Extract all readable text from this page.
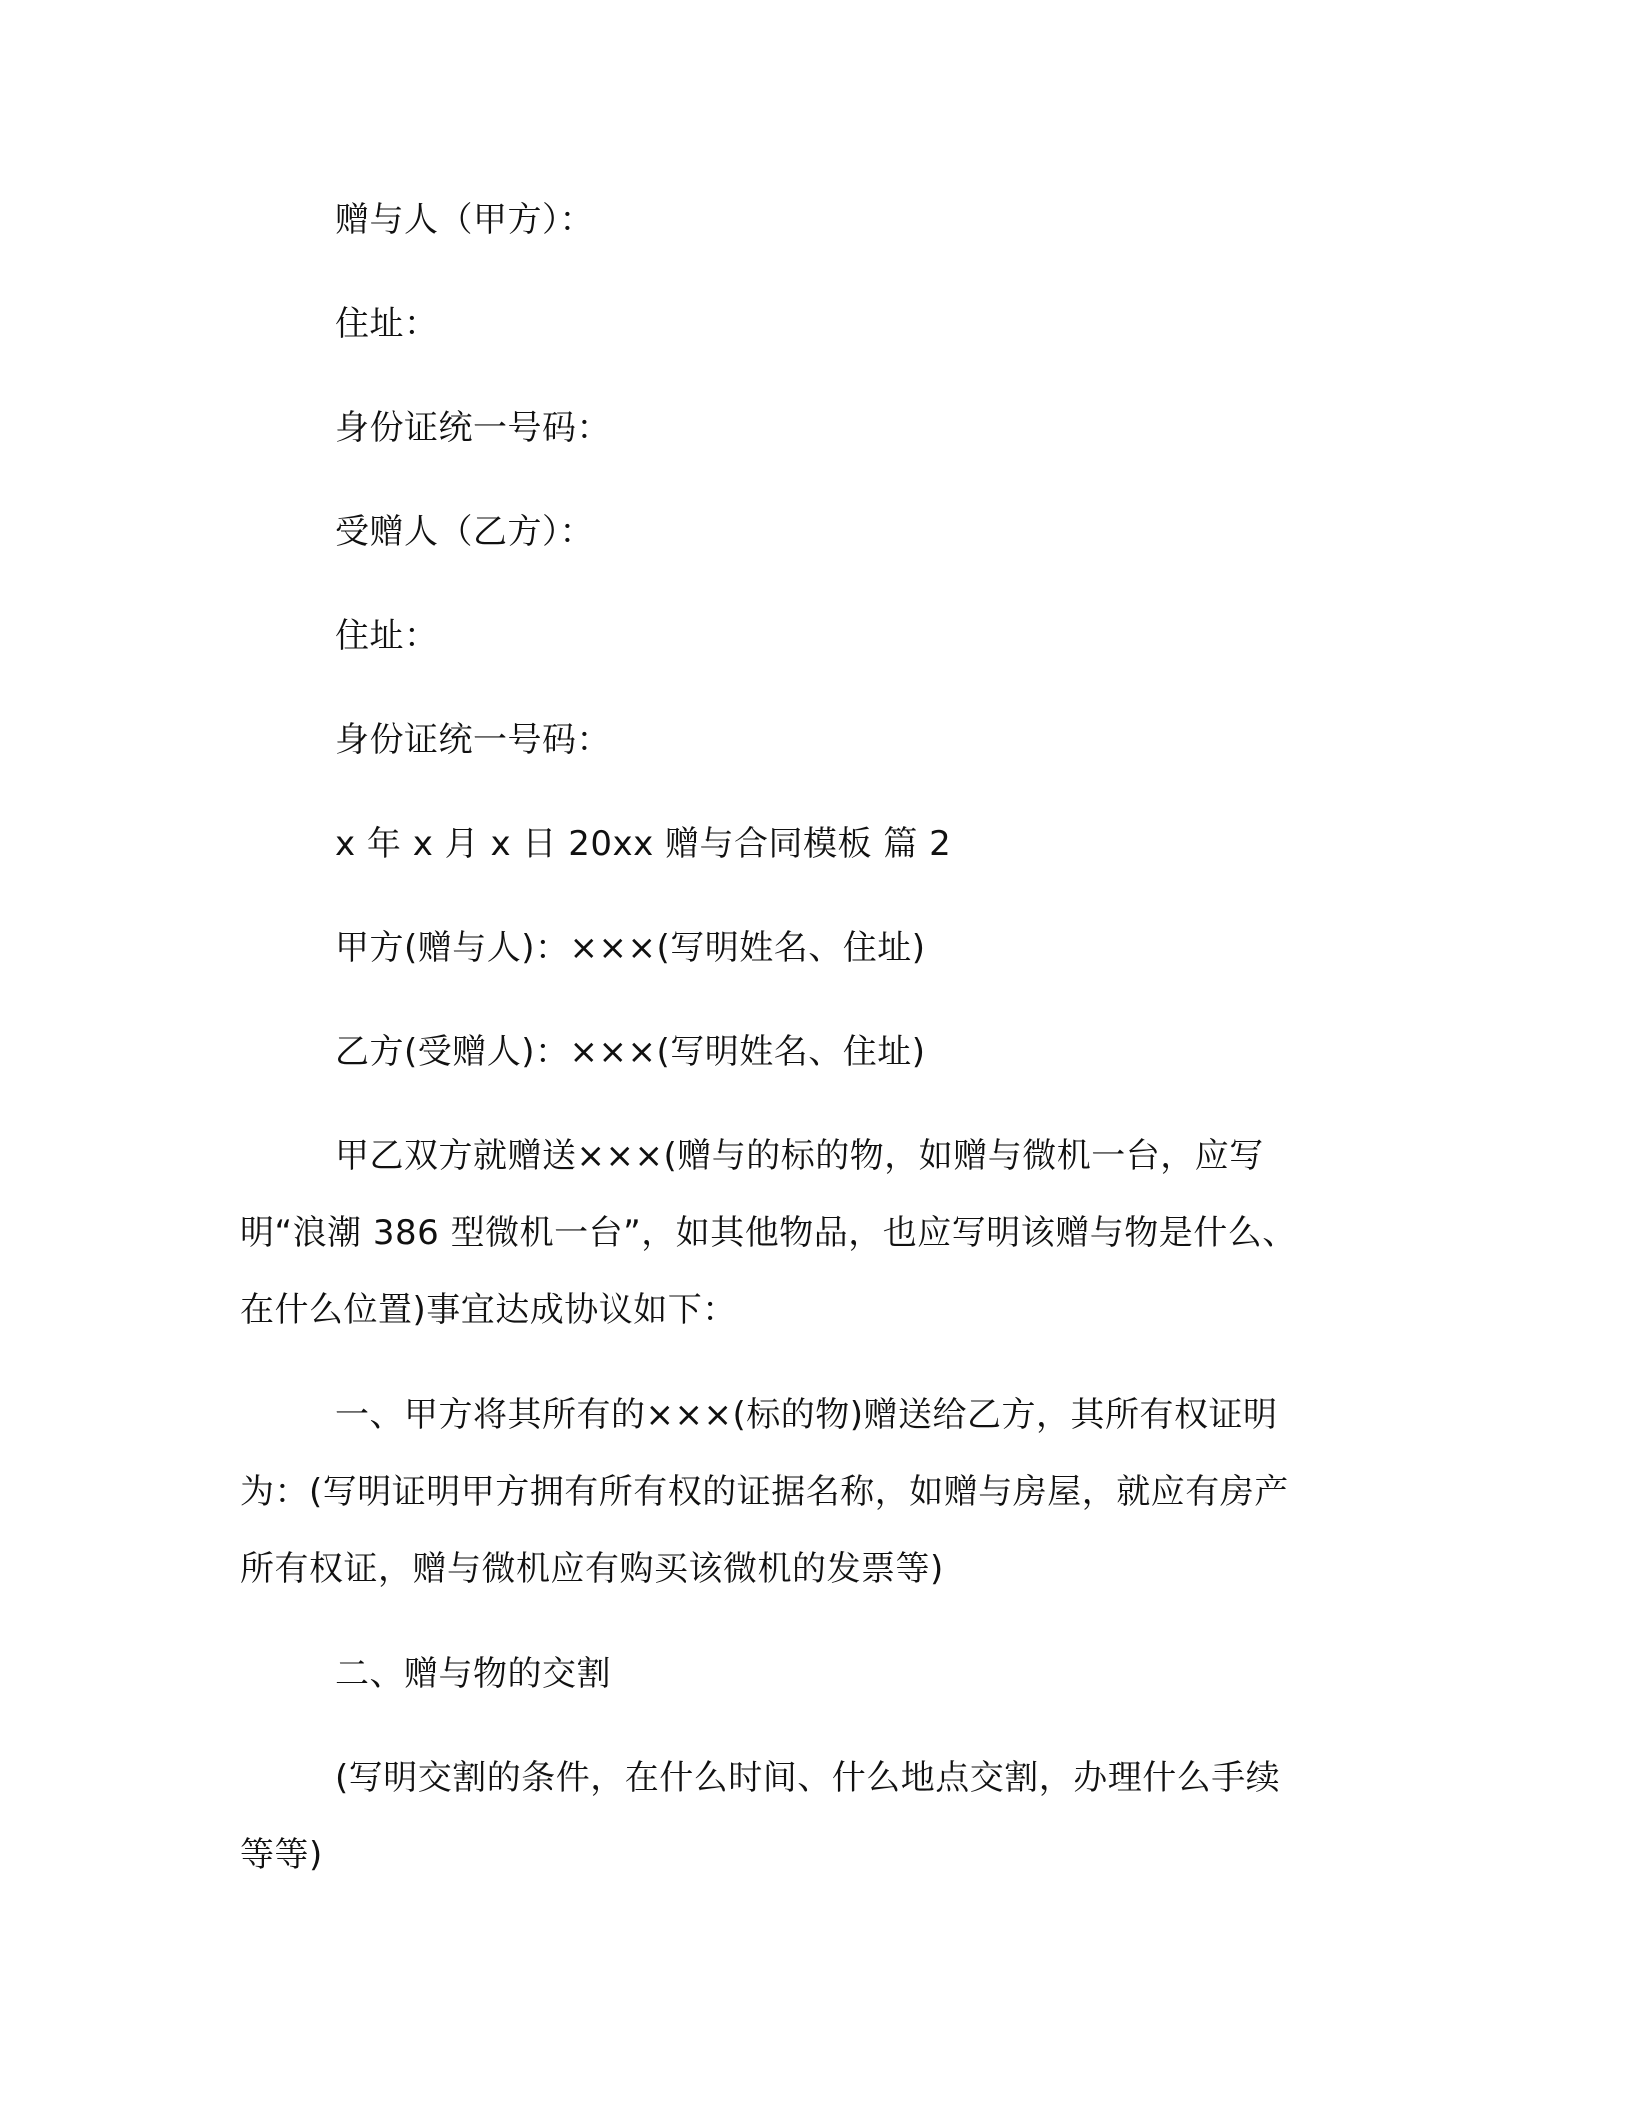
赠与人（甲方）：
住址：
身份证统一号码：
受赠人（乙方）：
住址：
身份证统一号码：
x 年 x 月 x 日 20xx 赠与合同模板 篇 2
甲方(赠与人)：×××(写明姓名、住址)
乙方(受赠人)：×××(写明姓名、住址)
甲乙双方就赠送×××(赠与的标的物，如赠与微机一台，应写
明“浪潮 386 型微机一台”，如其他物品，也应写明该赠与物是什么、
在什么位置)事宜达成协议如下：
一、甲方将其所有的×××(标的物)赠送给乙方，其所有权证明
为：(写明证明甲方拥有所有权的证据名称，如赠与房屋，就应有房产
所有权证，赠与微机应有购买该微机的发票等)
二、赠与物的交割
(写明交割的条件，在什么时间、什么地点交割，办理什么手续
等等)
